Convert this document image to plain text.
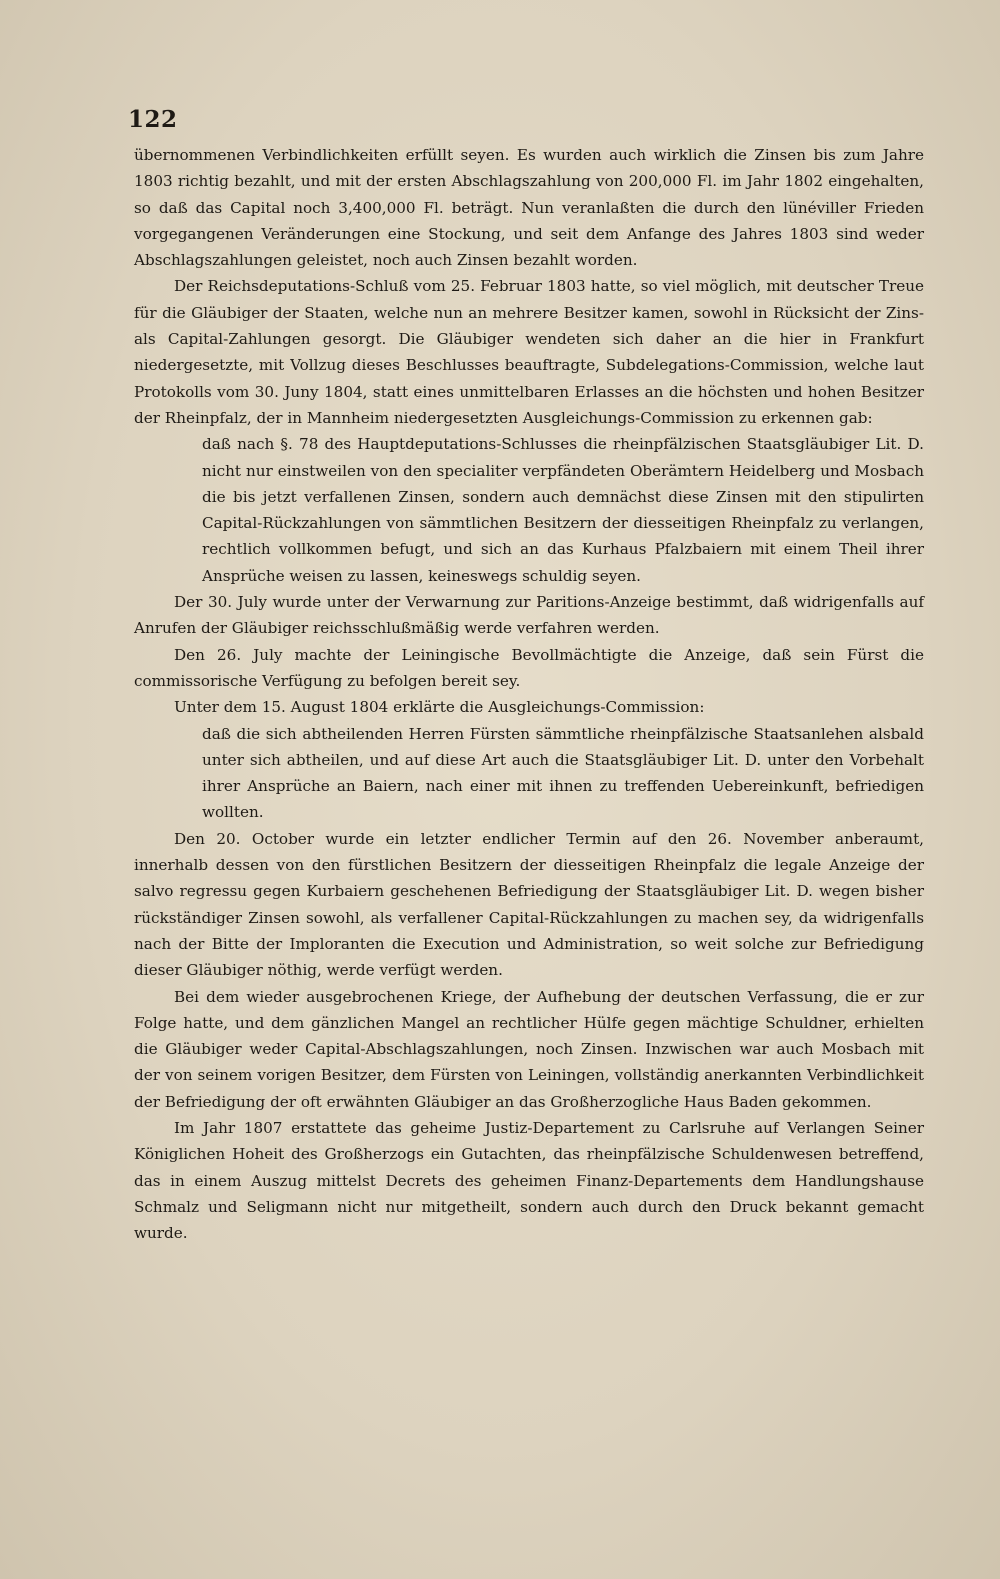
122

übernommenen Verbindlichkeiten erfüllt seyen. Es wurden auch wirklich die Zinsen bis zum Jahre 1803 richtig bezahlt, und mit der ersten Abschlagszahlung von 200,000 Fl. im Jahr 1802 eingehalten, so daß das Capital noch 3,400,000 Fl. beträgt. Nun veranlaßten die durch den lünéviller Frieden vorgegangenen Veränderungen eine Stockung, und seit dem Anfange des Jahres 1803 sind weder Abschlagszahlungen geleistet, noch auch Zinsen bezahlt worden.

Der Reichsdeputations-Schluß vom 25. Februar 1803 hatte, so viel möglich, mit deutscher Treue für die Gläubiger der Staaten, welche nun an mehrere Besitzer kamen, sowohl in Rücksicht der Zins- als Capital-Zahlungen gesorgt. Die Gläubiger wendeten sich daher an die hier in Frankfurt niedergesetzte, mit Vollzug dieses Beschlusses beauftragte, Subdelegations-Commission, welche laut Protokolls vom 30. Juny 1804, statt eines unmittelbaren Erlasses an die höchsten und hohen Besitzer der Rheinpfalz, der in Mannheim niedergesetzten Ausgleichungs-Commission zu erkennen gab:

daß nach §. 78 des Hauptdeputations-Schlusses die rheinpfälzischen Staatsgläubiger Lit. D. nicht nur einstweilen von den specialiter verpfändeten Oberämtern Heidelberg und Mosbach die bis jetzt verfallenen Zinsen, sondern auch demnächst diese Zinsen mit den stipulirten Capital-Rückzahlungen von sämmtlichen Besitzern der diesseitigen Rheinpfalz zu verlangen, rechtlich vollkommen befugt, und sich an das Kurhaus Pfalzbaiern mit einem Theil ihrer Ansprüche weisen zu lassen, keineswegs schuldig seyen.

Der 30. July wurde unter der Verwarnung zur Paritions-Anzeige bestimmt, daß widrigenfalls auf Anrufen der Gläubiger reichsschlußmäßig werde verfahren werden.

Den 26. July machte der Leiningische Bevollmächtigte die Anzeige, daß sein Fürst die commissorische Verfügung zu befolgen bereit sey.

Unter dem 15. August 1804 erklärte die Ausgleichungs-Commission:

daß die sich abtheilenden Herren Fürsten sämmtliche rheinpfälzische Staatsanlehen alsbald unter sich abtheilen, und auf diese Art auch die Staatsgläubiger Lit. D. unter den Vorbehalt ihrer Ansprüche an Baiern, nach einer mit ihnen zu treffenden Uebereinkunft, befriedigen wollten.

Den 20. October wurde ein letzter endlicher Termin auf den 26. November anberaumt, innerhalb dessen von den fürstlichen Besitzern der diesseitigen Rheinpfalz die legale Anzeige der salvo regressu gegen Kurbaiern geschehenen Befriedigung der Staatsgläubiger Lit. D. wegen bisher rückständiger Zinsen sowohl, als verfallener Capital-Rückzahlungen zu machen sey, da widrigenfalls nach der Bitte der Imploranten die Execution und Administration, so weit solche zur Befriedigung dieser Gläubiger nöthig, werde verfügt werden.

Bei dem wieder ausgebrochenen Kriege, der Aufhebung der deutschen Verfassung, die er zur Folge hatte, und dem gänzlichen Mangel an rechtlicher Hülfe gegen mächtige Schuldner, erhielten die Gläubiger weder Capital-Abschlagszahlungen, noch Zinsen. Inzwischen war auch Mosbach mit der von seinem vorigen Besitzer, dem Fürsten von Leiningen, vollständig anerkannten Verbindlichkeit der Befriedigung der oft erwähnten Gläubiger an das Großherzogliche Haus Baden gekommen.

Im Jahr 1807 erstattete das geheime Justiz-Departement zu Carlsruhe auf Verlangen Seiner Königlichen Hoheit des Großherzogs ein Gutachten, das rheinpfälzische Schuldenwesen betreffend, das in einem Auszug mittelst Decrets des geheimen Finanz-Departements dem Handlungshause Schmalz und Seligmann nicht nur mitgetheilt, sondern auch durch den Druck bekannt gemacht wurde.
